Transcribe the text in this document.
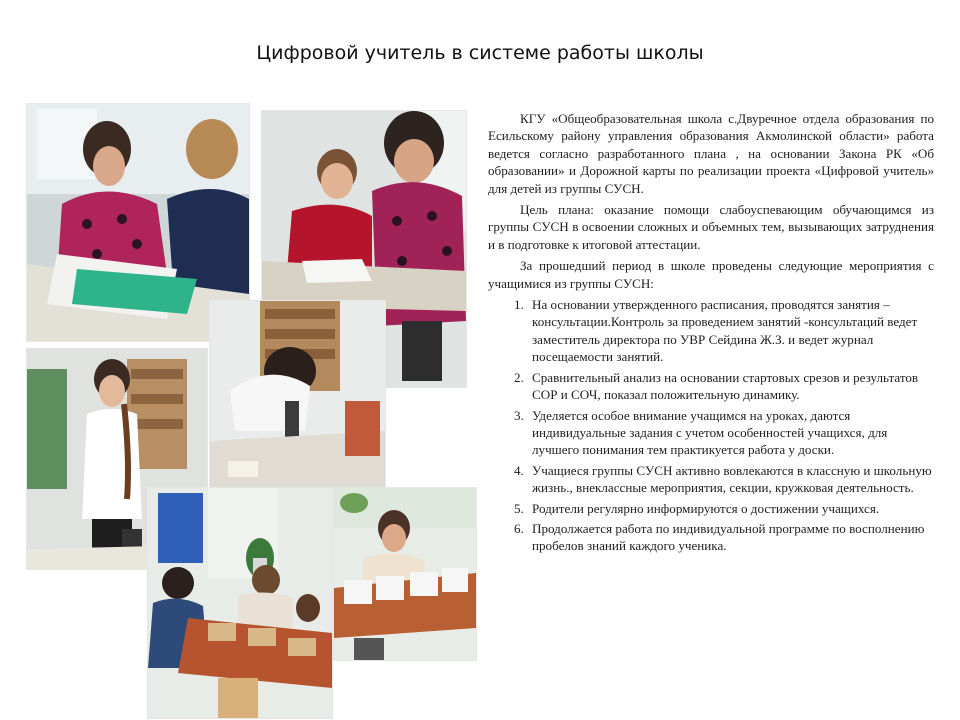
Цифровой учитель в системе работы школы

КГУ «Общеобразовательная школа с.Двуречное отдела образования по Есильскому району управления образования Акмолинской области» работа ведется согласно разработанного плана , на основании Закона РК «Об образовании» и Дорожной карты по реализации проекта «Цифровой учитель» для детей из группы СУСН.

Цель плана: оказание помощи слабоуспевающим обучающимся из группы СУСН в освоении сложных и объемных тем, вызывающих затруднения и в подготовке к итоговой аттестации.

За прошедший период в школе проведены следующие мероприятия с учащимися из группы СУСН:

1. На основании утвержденного расписания, проводятся занятия – консультации.Контроль за проведением занятий -консультаций ведет заместитель директора по УВР Сейдина Ж.З. и ведет журнал посещаемости занятий.
2. Сравнительный анализ на основании стартовых срезов и результатов СОР и СОЧ, показал положительную динамику.
3. Уделяется особое внимание учащимся на уроках, даются индивидуальные задания с учетом особенностей учащихся, для лучшего понимания тем практикуется работа у доски.
4. Учащиеся группы СУСН активно вовлекаются в классную и школьную жизнь., внеклассные мероприятия, секции, кружковая деятельность.
5. Родители регулярно информируются о достижении учащихся.
6. Продолжается работа по индивидуальной программе по восполнению пробелов знаний каждого ученика.
